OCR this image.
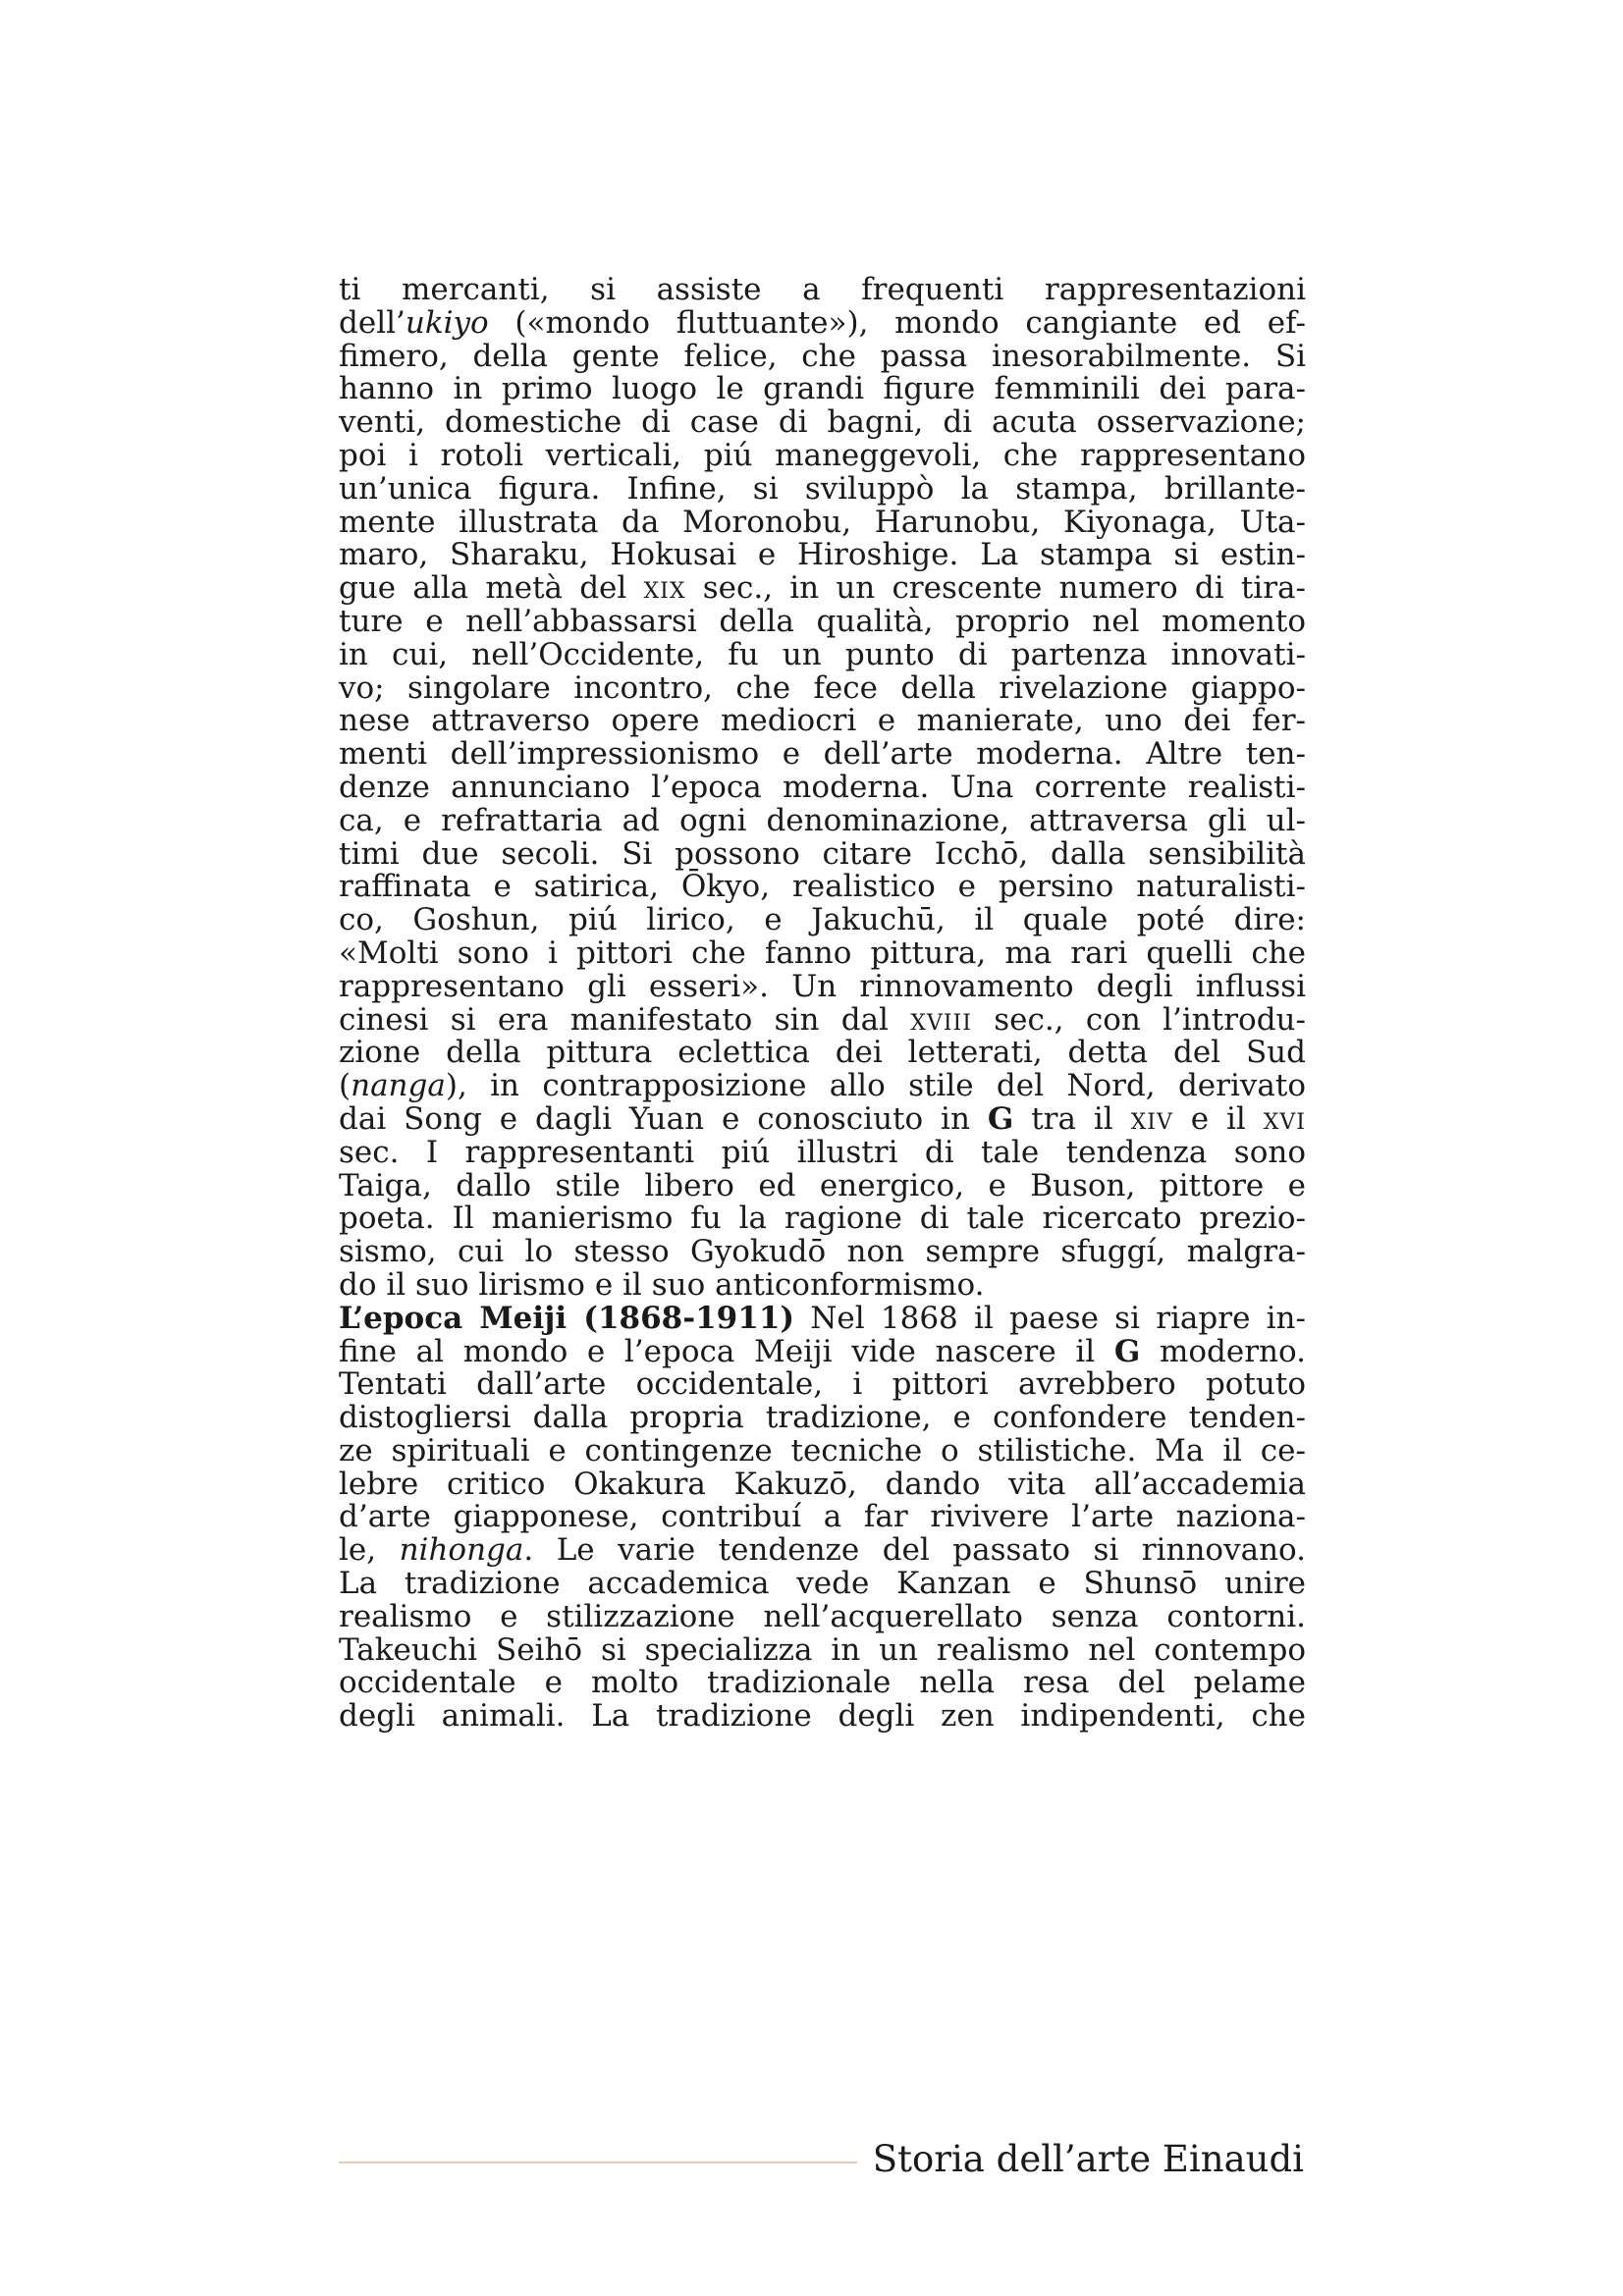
ti mercanti, si assiste a frequenti rappresentazioni
dell’ukiyo («mondo fluttuante»), mondo cangiante ed ef-
fimero, della gente felice, che passa inesorabilmente. Si
hanno in primo luogo le grandi figure femminili dei para-
venti, domestiche di case di bagni, di acuta osservazione;
poi i rotoli verticali, piú maneggevoli, che rappresentano
un’unica figura. Infine, si sviluppò la stampa, brillante-
mente illustrata da Moronobu, Harunobu, Kiyonaga, Uta-
maro, Sharaku, Hokusai e Hiroshige. La stampa si estin-
gue alla metà del xix sec., in un crescente numero di tira-
ture e nell’abbassarsi della qualità, proprio nel momento
in cui, nell’Occidente, fu un punto di partenza innovati-
vo; singolare incontro, che fece della rivelazione giappo-
nese attraverso opere mediocri e manierate, uno dei fer-
menti dell’impressionismo e dell’arte moderna. Altre ten-
denze annunciano l’epoca moderna. Una corrente realisti-
ca, e refrattaria ad ogni denominazione, attraversa gli ul-
timi due secoli. Si possono citare Icchō, dalla sensibilità
raffinata e satirica, Ōkyo, realistico e persino naturalisti-
co, Goshun, piú lirico, e Jakuchū, il quale poté dire:
«Molti sono i pittori che fanno pittura, ma rari quelli che
rappresentano gli esseri». Un rinnovamento degli influssi
cinesi si era manifestato sin dal xviii sec., con l’introdu-
zione della pittura eclettica dei letterati, detta del Sud
(nanga), in contrapposizione allo stile del Nord, derivato
dai Song e dagli Yuan e conosciuto in G tra il xiv e il xvi
sec. I rappresentanti piú illustri di tale tendenza sono
Taiga, dallo stile libero ed energico, e Buson, pittore e
poeta. Il manierismo fu la ragione di tale ricercato prezio-
sismo, cui lo stesso Gyokudō non sempre sfuggí, malgra-
do il suo lirismo e il suo anticonformismo.
L’epoca Meiji (1868-1911) Nel 1868 il paese si riapre in-
fine al mondo e l’epoca Meiji vide nascere il G moderno.
Tentati dall’arte occidentale, i pittori avrebbero potuto
distogliersi dalla propria tradizione, e confondere tenden-
ze spirituali e contingenze tecniche o stilistiche. Ma il ce-
lebre critico Okakura Kakuzō, dando vita all’accademia
d’arte giapponese, contribuí a far rivivere l’arte naziona-
le, nihonga. Le varie tendenze del passato si rinnovano.
La tradizione accademica vede Kanzan e Shunsō unire
realismo e stilizzazione nell’acquerellato senza contorni.
Takeuchi Seihō si specializza in un realismo nel contempo
occidentale e molto tradizionale nella resa del pelame
degli animali. La tradizione degli zen indipendenti, che
Storia dell’arte Einaudi
